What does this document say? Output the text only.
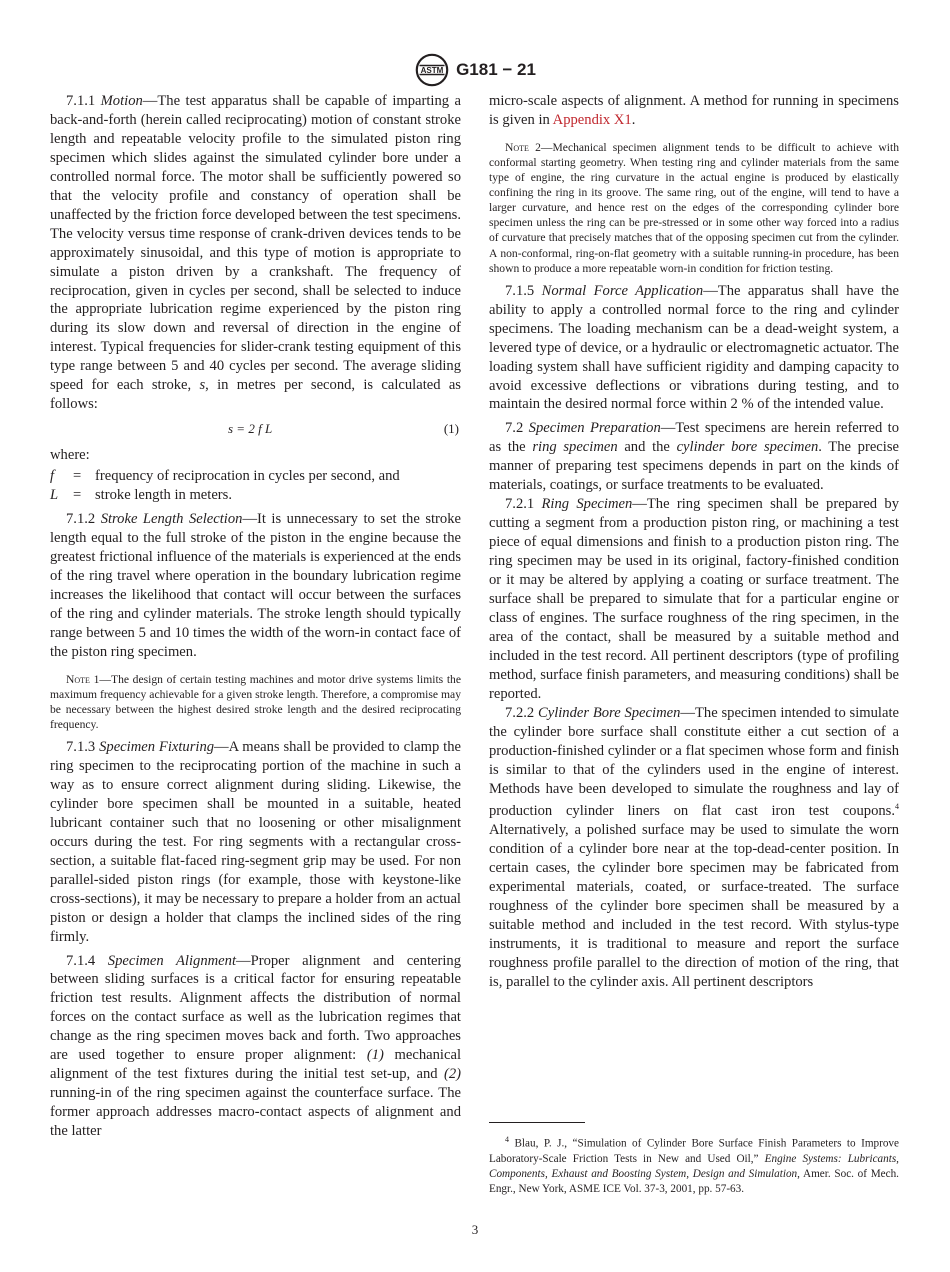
ASTM G181 − 21

7.1.1 Motion—The test apparatus shall be capable of imparting a back-and-forth (herein called reciprocating) motion of constant stroke length and repeatable velocity profile to the simulated piston ring specimen which slides against the simulated cylinder bore under a controlled normal force. The motor shall be sufficiently powered so that the velocity profile and constancy of operation shall be unaffected by the friction force developed between the test specimens. The velocity versus time response of crank-driven devices tends to be approximately sinusoidal, and this type of motion is appropriate to simulate a piston driven by a crankshaft. The frequency of reciprocation, given in cycles per second, shall be selected to induce the appropriate lubrication regime experienced by the piston ring during its slow down and reversal of direction in the engine of interest. Typical frequencies for slider-crank testing equipment of this type range between 5 and 40 cycles per second. The average sliding speed for each stroke, s, in metres per second, is calculated as follows:

s = 2 f L	(1)

where:

f	= frequency of reciprocation in cycles per second, and
L	= stroke length in meters.

7.1.2 Stroke Length Selection—It is unnecessary to set the stroke length equal to the full stroke of the piston in the engine because the greatest frictional influence of the materials is experienced at the ends of the ring travel where operation in the boundary lubrication regime increases the likelihood that contact will occur between the surfaces of the ring and cylinder materials. The stroke length should typically range between 5 and 10 times the width of the worn-in contact face of the piston ring specimen.

Note 1—The design of certain testing machines and motor drive systems limits the maximum frequency achievable for a given stroke length. Therefore, a compromise may be necessary between the highest desired stroke length and the desired reciprocating frequency.

7.1.3 Specimen Fixturing—A means shall be provided to clamp the ring specimen to the reciprocating portion of the machine in such a way as to ensure correct alignment during sliding. Likewise, the cylinder bore specimen shall be mounted in a suitable, heated lubricant container such that no loosening or other misalignment occurs during the test. For ring segments with a rectangular cross-section, a suitable flat-faced ring-segment grip may be used. For non parallel-sided piston rings (for example, those with keystone-like cross-sections), it may be necessary to prepare a holder from an actual piston or design a holder that clamps the inclined sides of the ring firmly.

7.1.4 Specimen Alignment—Proper alignment and centering between sliding surfaces is a critical factor for ensuring repeatable friction test results. Alignment affects the distribution of normal forces on the contact surface as well as the lubrication regimes that change as the ring specimen moves back and forth. Two approaches are used together to ensure proper alignment: (1) mechanical alignment of the test fixtures during the initial test set-up, and (2) running-in of the ring specimen against the counterface surface. The former approach addresses macro-contact aspects of alignment and the latter

micro-scale aspects of alignment. A method for running in specimens is given in Appendix X1.

Note 2—Mechanical specimen alignment tends to be difficult to achieve with conformal starting geometry. When testing ring and cylinder materials from the same type of engine, the ring curvature in the actual engine is produced by elastically confining the ring in its groove. The same ring, out of the engine, will tend to have a larger curvature, and hence rest on the edges of the corresponding cylinder bore specimen unless the ring can be pre-stressed or in some other way forced into a radius of curvature that precisely matches that of the opposing specimen cut from the cylinder. A non-conformal, ring-on-flat geometry with a suitable running-in procedure, has been shown to produce a more repeatable worn-in condition for friction testing.

7.1.5 Normal Force Application—The apparatus shall have the ability to apply a controlled normal force to the ring and cylinder specimens. The loading mechanism can be a dead-weight system, a levered type of device, or a hydraulic or electromagnetic actuator. The loading system shall have sufficient rigidity and damping capacity to avoid excessive deflections or vibrations during testing, and to maintain the desired normal force within 2 % of the intended value.

7.2 Specimen Preparation—Test specimens are herein referred to as the ring specimen and the cylinder bore specimen. The precise manner of preparing test specimens depends in part on the kinds of materials, coatings, or surface treatments to be evaluated.

7.2.1 Ring Specimen—The ring specimen shall be prepared by cutting a segment from a production piston ring, or machining a test piece of equal dimensions and finish to a production piston ring. The ring specimen may be used in its original, factory-finished condition or it may be altered by applying a coating or surface treatment. The surface shall be prepared to simulate that for a particular engine or class of engines. The surface roughness of the ring specimen, in the area of the contact, shall be measured by a suitable method and included in the test record. All pertinent descriptors (type of profiling method, surface finish parameters, and measuring conditions) shall be reported.

7.2.2 Cylinder Bore Specimen—The specimen intended to simulate the cylinder bore surface shall constitute either a cut section of a production-finished cylinder or a flat specimen whose form and finish is similar to that of the cylinders used in the engine of interest. Methods have been developed to simulate the roughness and lay of production cylinder liners on flat cast iron test coupons.$^4$ Alternatively, a polished surface may be used to simulate the worn condition of a cylinder bore near at the top-dead-center position. In certain cases, the cylinder bore specimen may be fabricated from experimental materials, coated, or surface-treated. The surface roughness of the cylinder bore specimen shall be measured by a suitable method and included in the test record. With stylus-type instruments, it is traditional to measure and report the surface roughness profile parallel to the direction of motion of the ring, that is, parallel to the cylinder axis. All pertinent descriptors

$^4$ Blau, P. J., “Simulation of Cylinder Bore Surface Finish Parameters to Improve Laboratory-Scale Friction Tests in New and Used Oil,” Engine Systems: Lubricants, Components, Exhaust and Boosting System, Design and Simulation, Amer. Soc. of Mech. Engr., New York, ASME ICE Vol. 37-3, 2001, pp. 57-63.

3
